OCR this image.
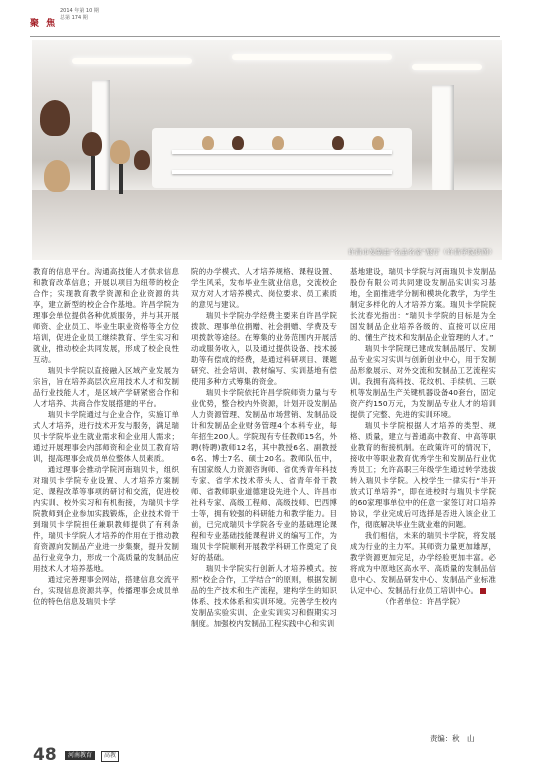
聚 焦
2014 年第 10 期
总第 174 期
许昌市发制品“名品名家”展厅（许昌学院供图）

教育的信息平台。沟通高技能人才供求信息和教育改革信息；开展以项目为纽带的校企合作；实现教育教学资源和企业资源的共享，建立新型的校企合作基地。许昌学院为理事会单位提供各种优质服务，并与其开展师资、企业员工、毕业生职业资格等全方位培训，促进企业员工继续教育、学生实习和就业，推动校企共同发展，形成了校企良性互动。

瑞贝卡学院以直接融入区域产业发展为宗旨，旨在培养高层次应用技术人才和发制品行业技能人才，是区域产学研紧密合作和人才培养、共商合作发展搭建的平台。

瑞贝卡学院通过与企业合作，实施订单式人才培养，进行技术开发与服务，满足瑞贝卡学院毕业生就业需求和企业用人需求；通过开展理事会内部师资和企业员工教育培训，提高理事会成员单位整体人员素质。

通过理事会推动学院河南瑞贝卡，组织对瑞贝卡学院专业设置、人才培养方案制定、课程改革等事项的研讨和交流，促进校内实训、校外实习和有机衔接，为瑞贝卡学院教师到企业参加实践锻炼，企业技术骨干到瑞贝卡学院担任兼职教师提供了有利条件，瑞贝卡学院人才培养的作用在于推动教育资源向发制品产业进一步集聚，提升发制品行业竞争力，形成一个高质量的发制品应用技术人才培养基地。

通过完善理事会网站，搭建信息交流平台，实现信息资源共享，传播理事会成员单位的特色信息及瑞贝卡学

院的办学模式、人才培养规格、课程设置、学生风采，发布毕业生就业信息，交流校企双方对人才培养模式、岗位要求、员工素质的意见与建议。

瑞贝卡学院办学经费主要来自许昌学院拨款、理事单位捐赠、社会捐赠、学费及专项拨款等途径。在筹集的业务范围内开展活动或服务收入，以及通过提供设备、技术援助等有偿成的经费，是通过科研项目、课题研究、社会培训、教材编写、实训基地有偿使用多种方式筹集的资金。

瑞贝卡学院依托许昌学院师资力量与专业优势，整合校内外资源，计划开设发制品人力资源管理、发制品市场营销、发制品设计和发制品企业财务管理4个本科专业，每年招生200人。学院现有专任教师15名，外聘(特聘)教师12名，其中教授6名、副教授6名、博士7名、硕士20名。教师队伍中，有国家级人力资源咨询师、省优秀青年科技专家、省学术技术带头人、省青年骨干教师、省教师职业道德建设先进个人、许昌市社科专家、高级工程师、高级技师、巴西博士等，拥有较强的科研能力和教学能力。目前，已完成瑞贝卡学院各专业的基础理论课程和专业基础技能课程讲义的编写工作，为瑞贝卡学院顺利开展教学科研工作奠定了良好的基础。

瑞贝卡学院实行创新人才培养模式。按照“校企合作，工学结合”的原则，根据发制品的生产技术和生产流程，建构学生的知识体系、技术体系和实训环境。完善学生校内发制品实验实训、企业实训实习和假期实习制度。加强校内发制品工程实践中心和实训

基地建设，瑞贝卡学院与河南瑞贝卡发制品股份有限公司共同建设发制品实训实习基地，全面推进学分制和模块化教学，为学生制定多样化的人才培养方案。瑞贝卡学院院长沈春光指出：“瑞贝卡学院的目标是为全国发制品企业培养各级的、直接可以应用的、懂生产技术和发制品企业管理的人才。”

瑞贝卡学院现已建成发制品展厅、发制品专业实习实训与创新创业中心，用于发制品形象展示、对外交流和发制品工艺流程实训。我拥有高科技、花纹机、手续机、三联机等发制品生产关键机器设备40套台，固定资产约150万元，为发制品专业人才的培训提供了完整、先进的实训环境。

瑞贝卡学院根据人才培养的类型、规格、质量，建立与普通高中教育、中高等职业教育的衔接机制。在政策许可的情况下，接收中等职业教育优秀学生和发制品行业优秀员工；允许高职三年级学生通过转学选拔转入瑞贝卡学院。入校学生一律实行“半开放式订单培养”，即在进校时与瑞贝卡学院的60家理事单位中的任意一家签订对口培养协议，学业完成后可选择是否进入该企业工作，彻底解决毕业生就业难的问题。

我们相信，未来的瑞贝卡学院，将发展成为行业的主力军。其师资力量更加雄厚，教学资源更加完足，办学经验更加丰富。必将成为中原地区高水平、高质量的发制品信息中心、发制品研发中心、发制品产业标准认定中心、发制品行业员工培训中心。

（作者单位：许昌学院）

责编：秋　山
48	河南教育	高教
